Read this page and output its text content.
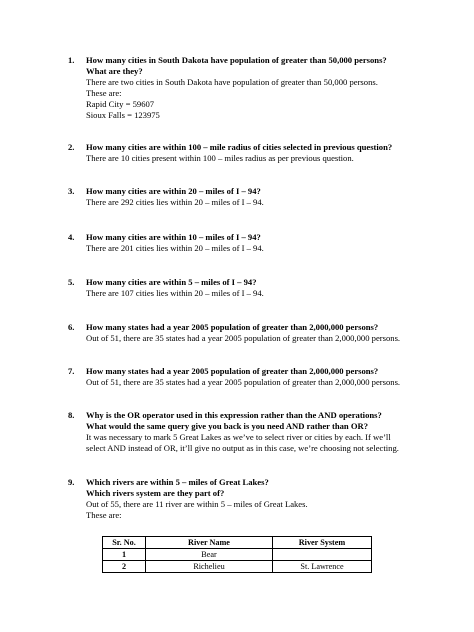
1. How many cities in South Dakota have population of greater than 50,000 persons?
What are they?
There are two cities in South Dakota have population of greater than 50,000 persons.
These are:
Rapid City = 59607
Sioux Falls = 123975
2. How many cities are within 100 – mile radius of cities selected in previous question?
There are 10 cities present within 100 – miles radius as per previous question.
3. How many cities are within 20 – miles of I – 94?
There are 292 cities lies within 20 – miles of I – 94.
4. How many cities are within 10 – miles of I – 94?
There are 201 cities lies within 20 – miles of I – 94.
5. How many cities are within 5 – miles of I – 94?
There are 107 cities lies within 20 – miles of I – 94.
6. How many states had a year 2005 population of greater than 2,000,000 persons?
Out of 51, there are 35 states had a year 2005 population of greater than 2,000,000 persons.
7. How many states had a year 2005 population of greater than 2,000,000 persons?
Out of 51, there are 35 states had a year 2005 population of greater than 2,000,000 persons.
8. Why is the OR operator used in this expression rather than the AND operations?
What would the same query give you back is you need AND rather than OR?
It was necessary to mark 5 Great Lakes as we’ve to select river or cities by each. If we’ll
select AND instead of OR, it’ll give no output as in this case, we’re choosing not selecting.
9. Which rivers are within 5 – miles of Great Lakes?
Which rivers system are they part of?
Out of 55, there are 11 river are within 5 – miles of Great Lakes.
These are:
Sr. No.	River Name	River System
1	Bear	
2	Richelieu	St. Lawrence
